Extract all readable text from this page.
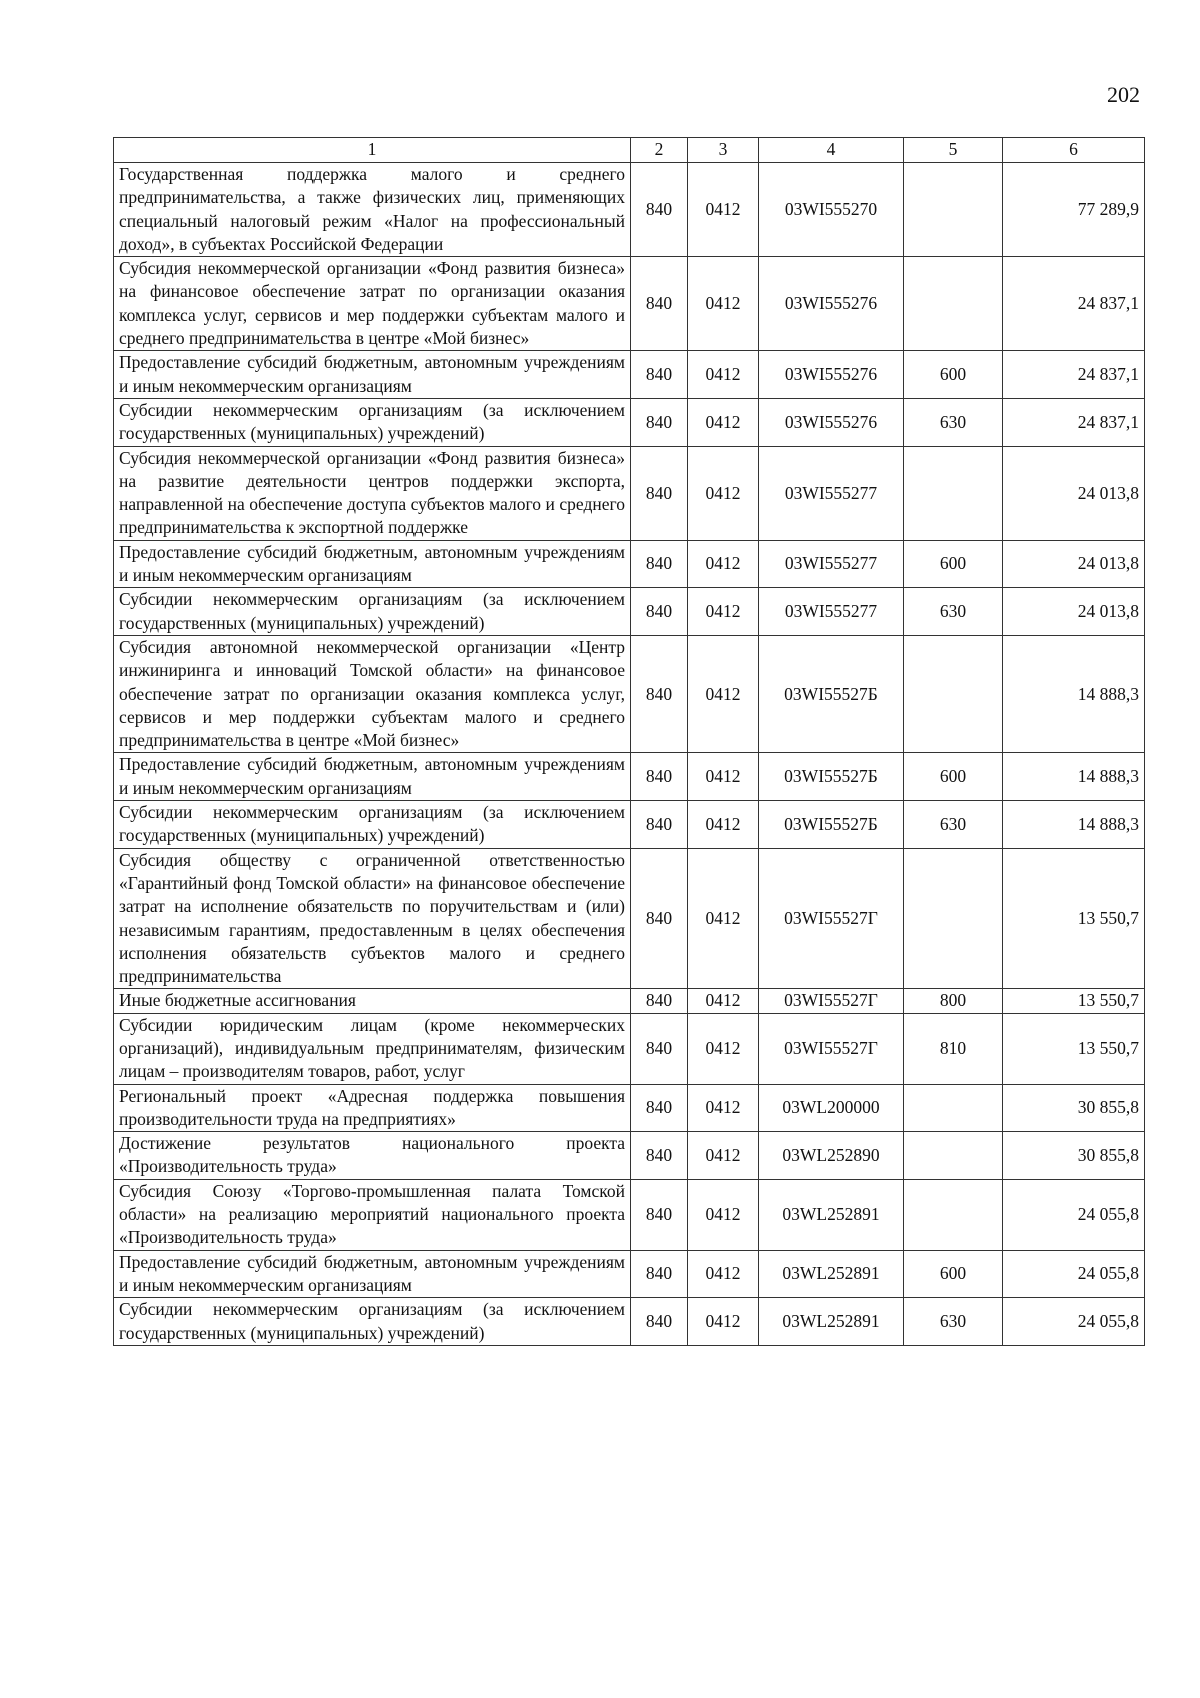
202
1	2	3	4	5	6
Государственная поддержка малого и среднего предпринимательства, а также физических лиц, применяющих специальный налоговый режим «Налог на профессиональный доход», в субъектах Российской Федерации	840	0412	03WI555270		77 289,9
Субсидия некоммерческой организации «Фонд развития бизнеса» на финансовое обеспечение затрат по организации оказания комплекса услуг, сервисов и мер поддержки субъектам малого и среднего предпринимательства в центре «Мой бизнес»	840	0412	03WI555276		24 837,1
Предоставление субсидий бюджетным, автономным учреждениям и иным некоммерческим организациям	840	0412	03WI555276	600	24 837,1
Субсидии некоммерческим организациям (за исключением государственных (муниципальных) учреждений)	840	0412	03WI555276	630	24 837,1
Субсидия некоммерческой организации «Фонд развития бизнеса» на развитие деятельности центров поддержки экспорта, направленной на обеспечение доступа субъектов малого и среднего предпринимательства к экспортной поддержке	840	0412	03WI555277		24 013,8
Предоставление субсидий бюджетным, автономным учреждениям и иным некоммерческим организациям	840	0412	03WI555277	600	24 013,8
Субсидии некоммерческим организациям (за исключением государственных (муниципальных) учреждений)	840	0412	03WI555277	630	24 013,8
Субсидия автономной некоммерческой организации «Центр инжиниринга и инноваций Томской области» на финансовое обеспечение затрат по организации оказания комплекса услуг, сервисов и мер поддержки субъектам малого и среднего предпринимательства в центре «Мой бизнес»	840	0412	03WI55527Б		14 888,3
Предоставление субсидий бюджетным, автономным учреждениям и иным некоммерческим организациям	840	0412	03WI55527Б	600	14 888,3
Субсидии некоммерческим организациям (за исключением государственных (муниципальных) учреждений)	840	0412	03WI55527Б	630	14 888,3
Субсидия обществу с ограниченной ответственностью «Гарантийный фонд Томской области» на финансовое обеспечение затрат на исполнение обязательств по поручительствам и (или) независимым гарантиям, предоставленным в целях обеспечения исполнения обязательств субъектов малого и среднего предпринимательства	840	0412	03WI55527Г		13 550,7
Иные бюджетные ассигнования	840	0412	03WI55527Г	800	13 550,7
Субсидии юридическим лицам (кроме некоммерческих организаций), индивидуальным предпринимателям, физическим лицам – производителям товаров, работ, услуг	840	0412	03WI55527Г	810	13 550,7
Региональный проект «Адресная поддержка повышения производительности труда на предприятиях»	840	0412	03WL200000		30 855,8
Достижение результатов национального проекта «Производительность труда»	840	0412	03WL252890		30 855,8
Субсидия Союзу «Торгово-промышленная палата Томской области» на реализацию мероприятий национального проекта «Производительность труда»	840	0412	03WL252891		24 055,8
Предоставление субсидий бюджетным, автономным учреждениям и иным некоммерческим организациям	840	0412	03WL252891	600	24 055,8
Субсидии некоммерческим организациям (за исключением государственных (муниципальных) учреждений)	840	0412	03WL252891	630	24 055,8
